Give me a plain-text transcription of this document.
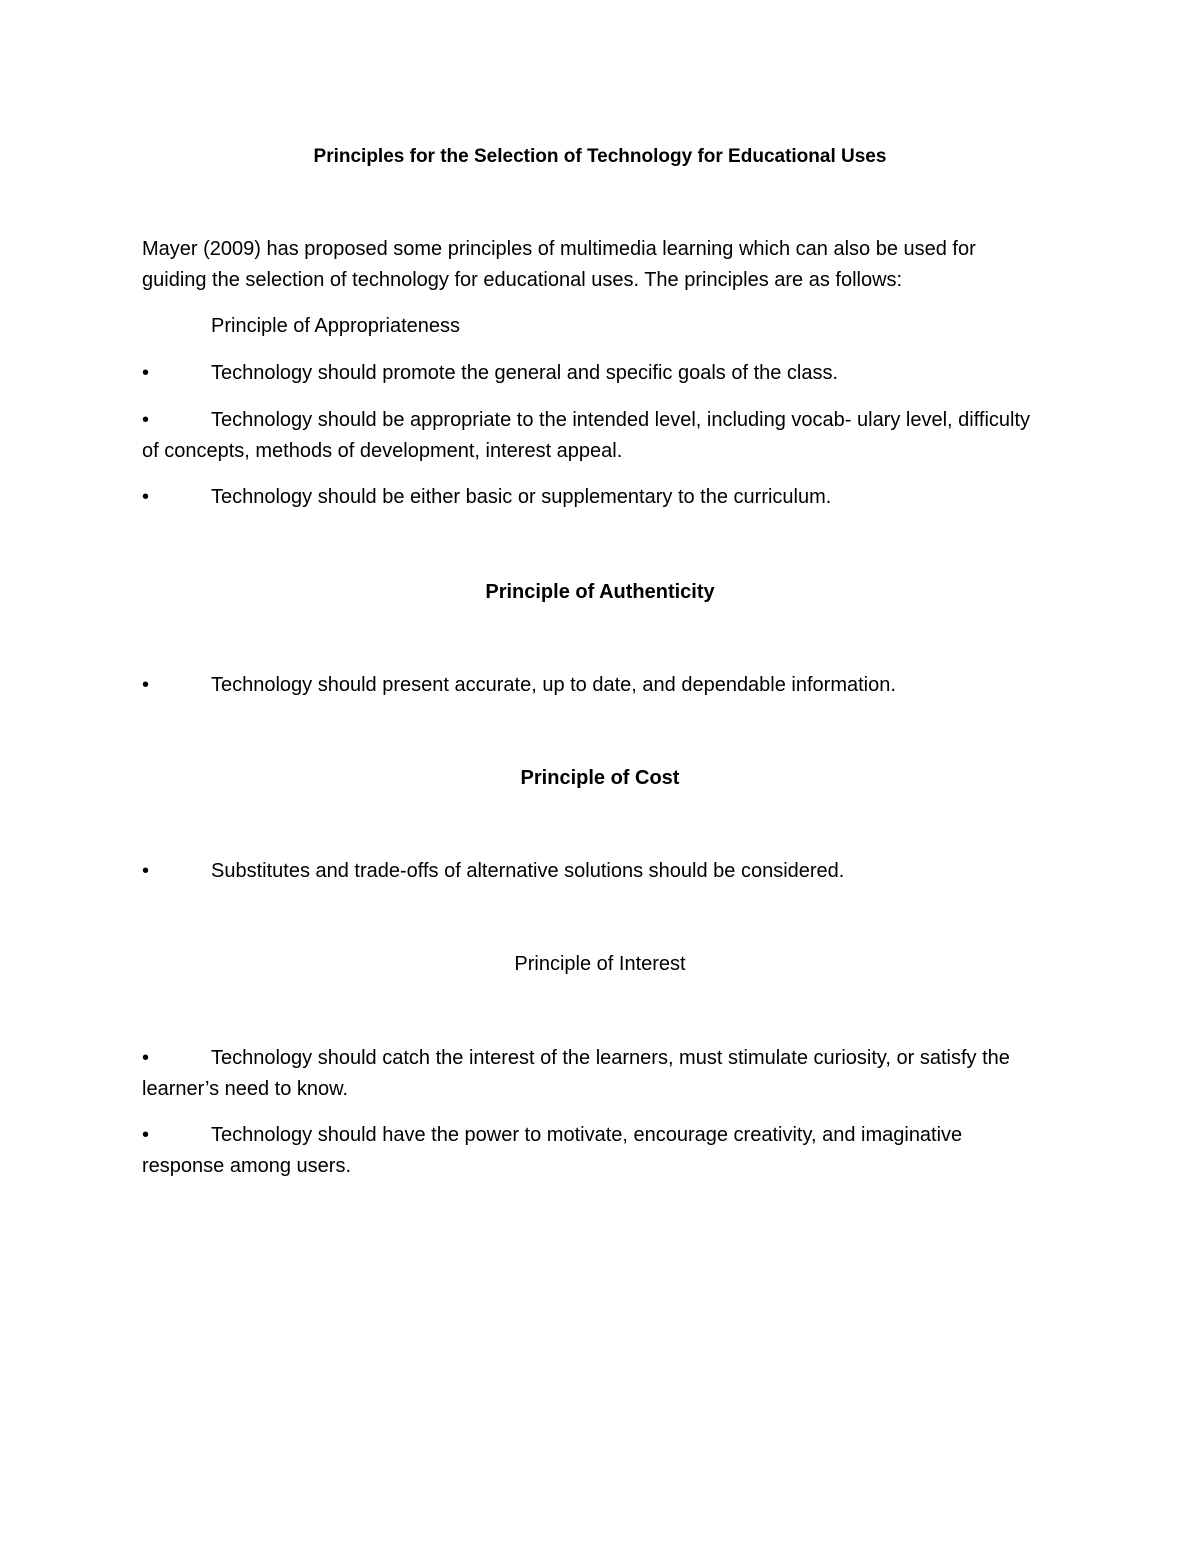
Principles for the Selection of Technology for Educational Uses
Mayer (2009) has proposed some principles of multimedia learning which can also be used for
guiding the selection of technology for educational uses. The principles are as follows:
Principle of Appropriateness
•	Technology should promote the general and specific goals of the class.
•	Technology should be appropriate to the intended level, including vocab- ulary level, difficulty of concepts, methods of development, interest appeal.
•	Technology should be either basic or supplementary to the curriculum.
Principle of Authenticity
•	Technology should present accurate, up to date, and dependable information.
Principle of Cost
•	Substitutes and trade-offs of alternative solutions should be considered.
Principle of Interest
•	Technology should catch the interest of the learners, must stimulate curiosity, or satisfy the learner’s need to know.
•	Technology should have the power to motivate, encourage creativity, and imaginative response among users.
